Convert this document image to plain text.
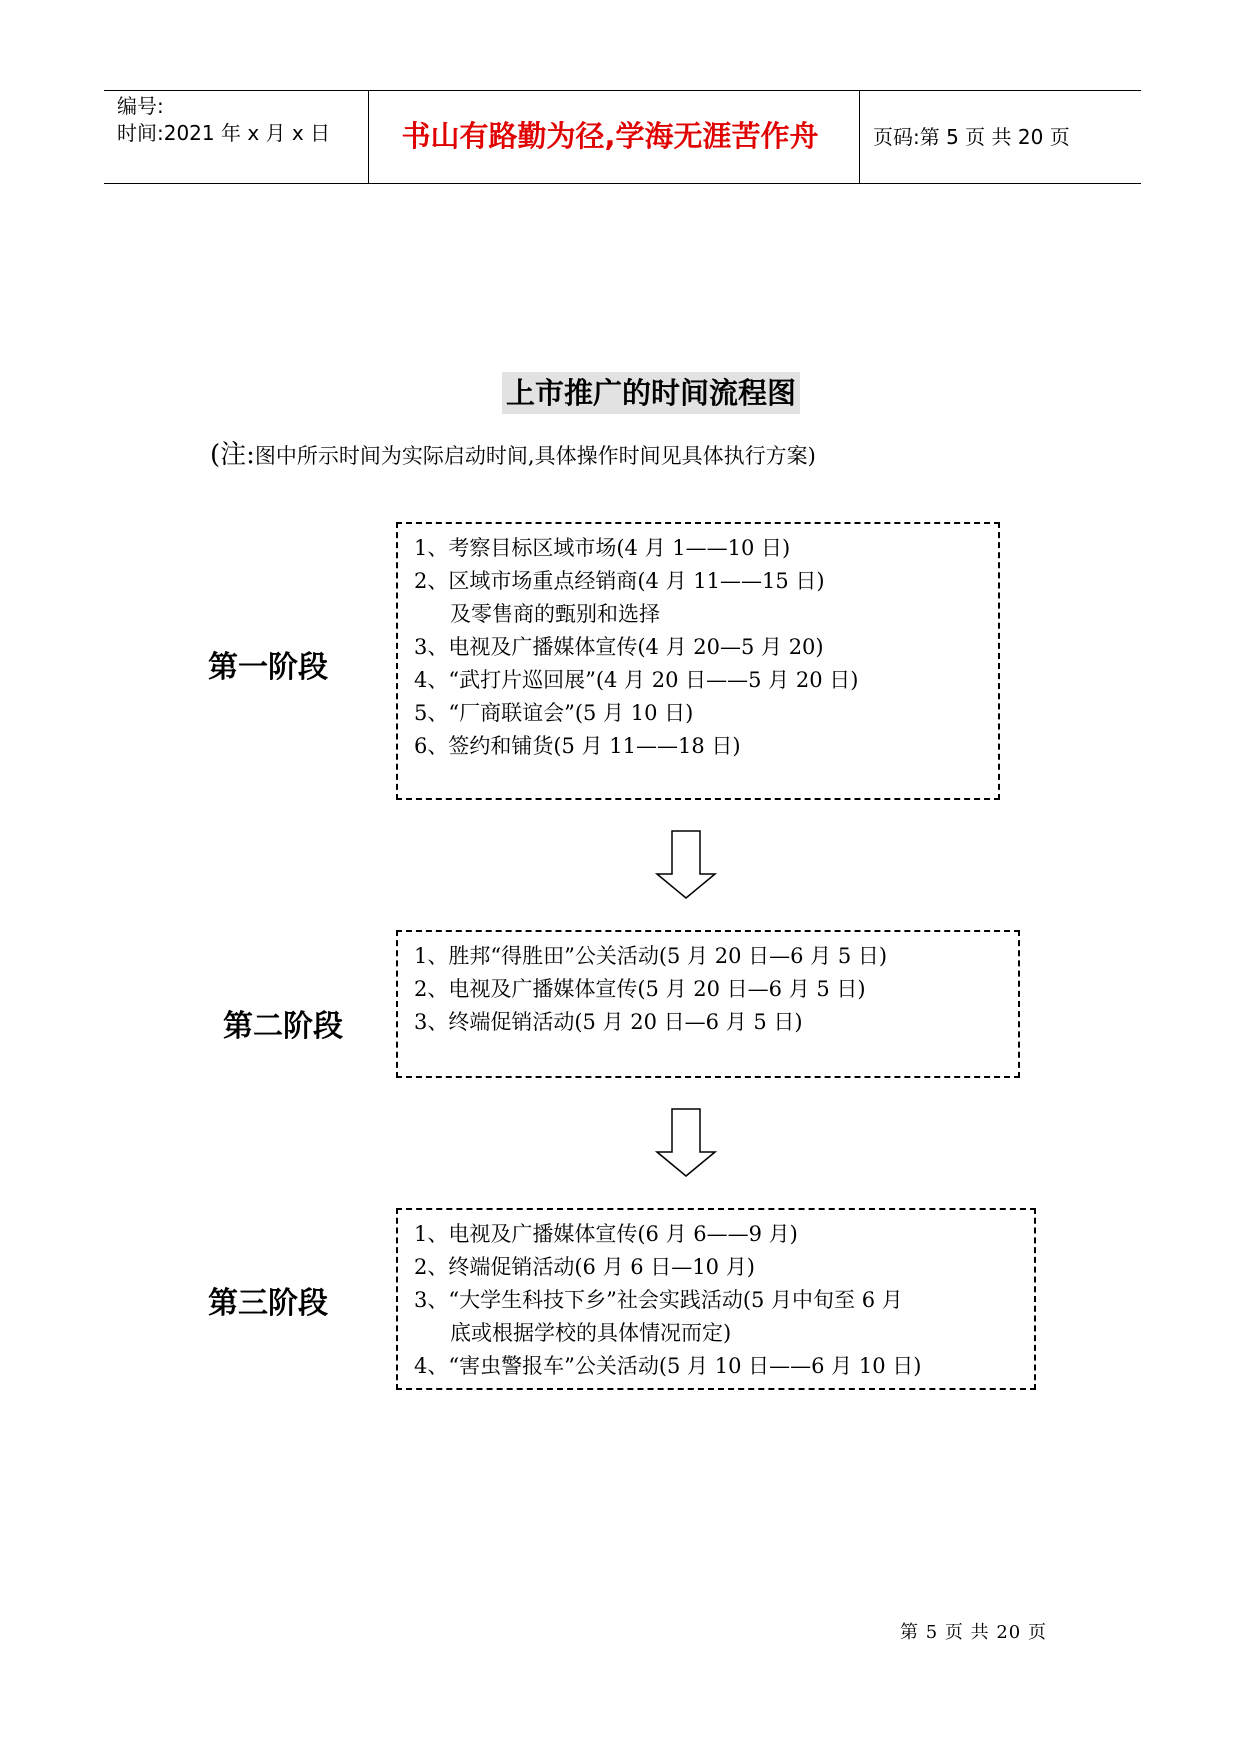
编号:
时间:2021 年 x 月 x 日	书山有路勤为径,学海无涯苦作舟	页码:第 5 页 共 20 页
上市推广的时间流程图
(注:图中所示时间为实际启动时间,具体操作时间见具体执行方案)
第一阶段

1、考察目标区域市场(4 月 1——10 日)

2、区域市场重点经销商(4 月 11——15 日)

及零售商的甄别和选择

3、电视及广播媒体宣传(4 月 20—5 月 20)

4、“武打片巡回展”(4 月 20 日——5 月 20 日)

5、“厂商联谊会”(5 月 10 日)

6、签约和铺货(5 月 11——18 日)

第二阶段

1、胜邦“得胜田”公关活动(5 月 20 日—6 月 5 日)

2、电视及广播媒体宣传(5 月 20 日—6 月 5 日)

3、终端促销活动(5 月 20 日—6 月 5 日)

第三阶段

1、电视及广播媒体宣传(6 月 6——9 月)

2、终端促销活动(6 月 6 日—10 月)

3、“大学生科技下乡”社会实践活动(5 月中旬至 6 月

底或根据学校的具体情况而定)

4、“害虫警报车”公关活动(5 月 10 日——6 月 10 日)

第 5 页 共 20 页
